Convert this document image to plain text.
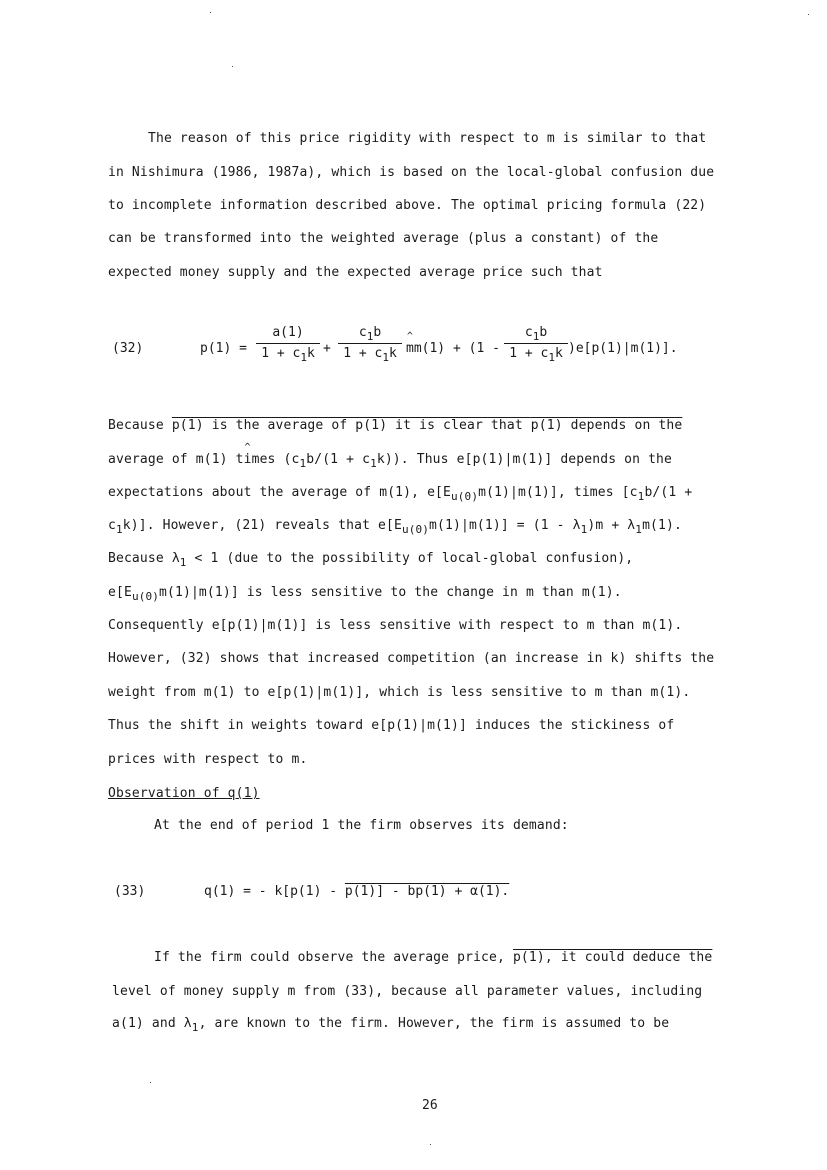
The reason of this price rigidity with respect to m is similar to that
in Nishimura (1986, 1987a), which is based on the local-global confusion due
to incomplete information described above. The optimal pricing formula (22)
can be transformed into the weighted average (plus a constant) of the
expected money supply and the expected average price such that
(32)	$p(1) = \frac{a(1)}{1 + c_1k} + \frac{c_1b}{1 + c_1k}$ ^ $mm(1) + (1 - \frac{c_1b}{1 + c_1k} )e[p(1)|m(1)]$.
Because p(1) is the average of p(1) it is clear that p(1) depends on the
average of ^ m(1) times $(c_1b/(1 + c_1k))$. Thus e[p(1)|m(1)] depends on the
expectations about the average of m(1), $e[E_{u(0)}m(1)|m(1)]$, times [$c_1b/(1$ +
$c_1k$)]. However, (21) reveals that $e[E_{u(0)}m(1)|m(1)] = (1 - \lambda_1)m + \lambda_1m(1)$.
Because $\lambda_1 < 1$ (due to the possibility of local-global confusion),
$e[E_{u(0)}m(1)|m(1)]$ is less sensitive to the change in m than m(1).
Consequently e[p(1)|m(1)] is less sensitive with respect to m than m(1).
However, (32) shows that increased competition (an increase in k) shifts the
weight from m(1) to e[p(1)|m(1)], which is less sensitive to m than m(1).
Thus the shift in weights toward e[p(1)|m(1)] induces the stickiness of
prices with respect to m.
Observation of q(1)
At the end of period 1 the firm observes its demand:
(33)	q(1) = - k[p(1) - p(1)] - bp(1) + α(1).
If the firm could observe the average price, p(1), it could deduce the
level of money supply m from (33), because all parameter values, including
a(1) and $\lambda_1$, are known to the firm. However, the firm is assumed to be
26
